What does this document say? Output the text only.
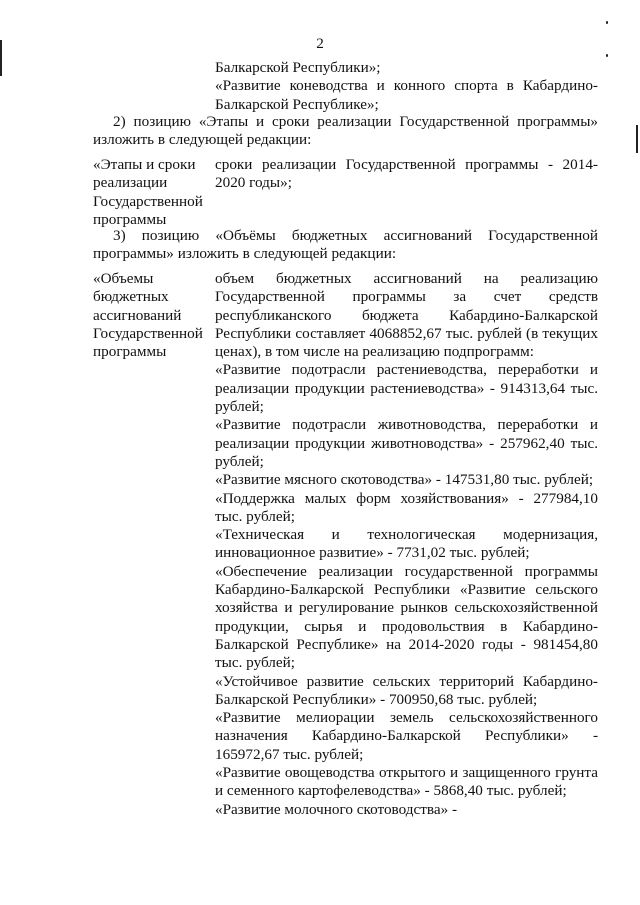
2
Балкарской Республики»;
«Развитие коневодства и конного спорта в Кабардино-Балкарской Республике»;
2) позицию «Этапы и сроки реализации Государственной программы» изложить в следующей редакции:
«Этапы и сроки реализации Государственной программы
сроки реализации Государственной программы - 2014-2020 годы»;
3) позицию «Объёмы бюджетных ассигнований Государственной программы» изложить в следующей редакции:
«Объемы бюджетных ассигнований Государственной программы
объем бюджетных ассигнований на реализацию Государственной программы за счет средств республиканского бюджета Кабардино-Балкарской Республики составляет 4068852,67 тыс. рублей (в текущих ценах), в том числе на реализацию подпрограмм:
«Развитие подотрасли растениеводства, переработки и реализации продукции растениеводства» - 914313,64 тыс. рублей;
«Развитие подотрасли животноводства, переработки и реализации продукции животноводства» - 257962,40 тыс. рублей;
«Развитие мясного скотоводства» - 147531,80 тыс. рублей;
«Поддержка малых форм хозяйствования» - 277984,10 тыс. рублей;
«Техническая и технологическая модернизация, инновационное развитие» - 7731,02 тыс. рублей;
«Обеспечение реализации государственной программы Кабардино-Балкарской Республики «Развитие сельского хозяйства и регулирование рынков сельскохозяйственной продукции, сырья и продовольствия в Кабардино-Балкарской Республике» на 2014-2020 годы - 981454,80 тыс. рублей;
«Устойчивое развитие сельских территорий Кабардино-Балкарской Республики» - 700950,68 тыс. рублей;
«Развитие мелиорации земель сельскохозяйственного назначения Кабардино-Балкарской Республики» - 165972,67 тыс. рублей;
«Развитие овощеводства открытого и защищенного грунта и семенного картофелеводства» - 5868,40 тыс. рублей;
«Развитие молочного скотоводства» -
